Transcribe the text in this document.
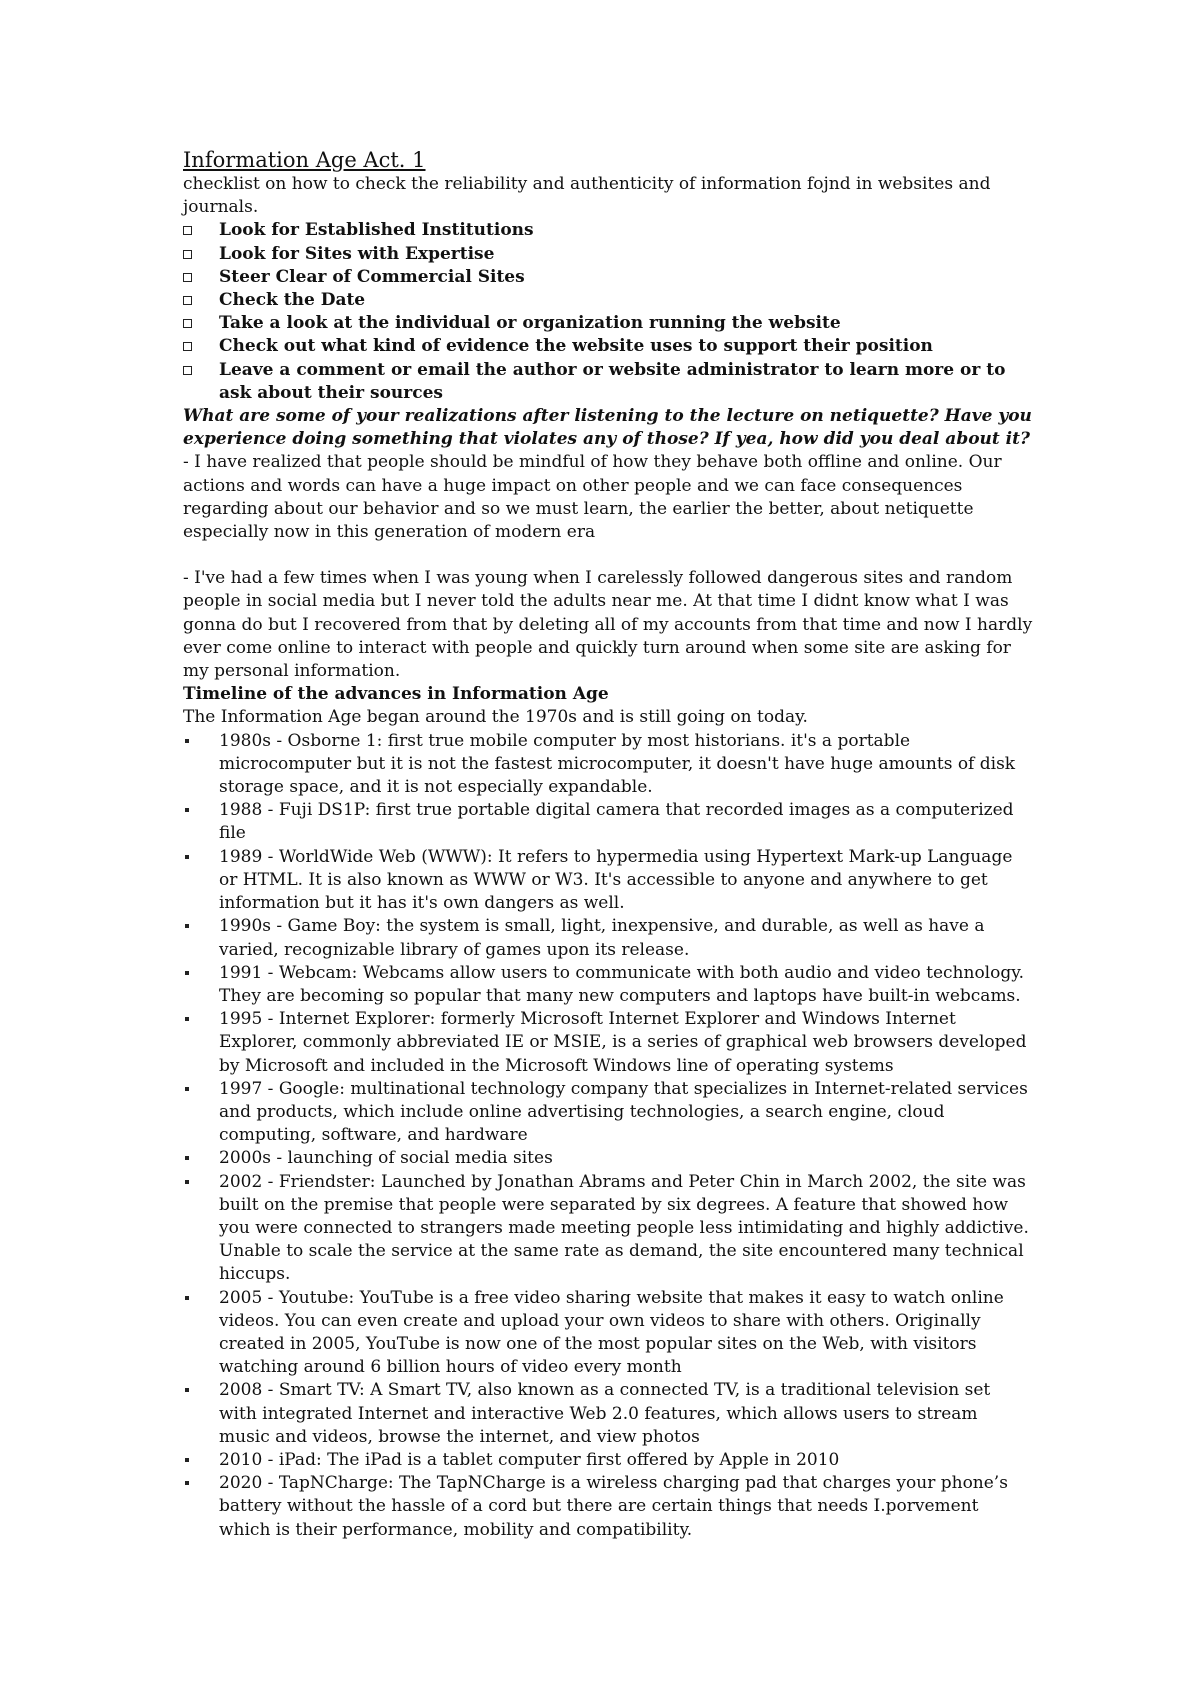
Information Age Act. 1

checklist on how to check the reliability and authenticity of information fojnd in websites and journals.

Look for Established Institutions
Look for Sites with Expertise
Steer Clear of Commercial Sites
Check the Date
Take a look at the individual or organization running the website
Check out what kind of evidence the website uses to support their position
Leave a comment or email the author or website administrator to learn more or to ask about their sources

What are some of your realizations after listening to the lecture on netiquette? Have you experience doing something that violates any of those? If yea, how did you deal about it?

- I have realized that people should be mindful of how they behave both offline and online. Our actions and words can have a huge impact on other people and we can face consequences regarding about our behavior and so we must learn, the earlier the better, about netiquette especially now in this generation of modern era

- I've had a few times when I was young when I carelessly followed dangerous sites and random people in social media but I never told the adults near me. At that time I didnt know what I was gonna do but I recovered from that by deleting all of my accounts from that time and now I hardly ever come online to interact with people and quickly turn around when some site are asking for my personal information.

Timeline of the advances in Information Age

The Information Age began around the 1970s and is still going on today.

1980s - Osborne 1: first true mobile computer by most historians. it's a portable microcomputer but it is not the fastest microcomputer, it doesn't have huge amounts of disk storage space, and it is not especially expandable.
1988 - Fuji DS1P: first true portable digital camera that recorded images as a computerized file
1989 - WorldWide Web (WWW): It refers to hypermedia using Hypertext Mark-up Language or HTML. It is also known as WWW or W3. It's accessible to anyone and anywhere to get information but it has it's own dangers as well.
1990s - Game Boy: the system is small, light, inexpensive, and durable, as well as have a varied, recognizable library of games upon its release.
1991 - Webcam: Webcams allow users to communicate with both audio and video technology. They are becoming so popular that many new computers and laptops have built-in webcams.
1995 - Internet Explorer: formerly Microsoft Internet Explorer and Windows Internet Explorer, commonly abbreviated IE or MSIE, is a series of graphical web browsers developed by Microsoft and included in the Microsoft Windows line of operating systems
1997 - Google: multinational technology company that specializes in Internet-related services and products, which include online advertising technologies, a search engine, cloud computing, software, and hardware
2000s - launching of social media sites
2002 - Friendster: Launched by Jonathan Abrams and Peter Chin in March 2002, the site was built on the premise that people were separated by six degrees. A feature that showed how you were connected to strangers made meeting people less intimidating and highly addictive. Unable to scale the service at the same rate as demand, the site encountered many technical hiccups.
2005 - Youtube: YouTube is a free video sharing website that makes it easy to watch online videos. You can even create and upload your own videos to share with others. Originally created in 2005, YouTube is now one of the most popular sites on the Web, with visitors watching around 6 billion hours of video every month
2008 - Smart TV: A Smart TV, also known as a connected TV, is a traditional television set with integrated Internet and interactive Web 2.0 features, which allows users to stream music and videos, browse the internet, and view photos
2010 - iPad: The iPad is a tablet computer first offered by Apple in 2010
2020 - TapNCharge: The TapNCharge is a wireless charging pad that charges your phone’s battery without the hassle of a cord but there are certain things that needs I.porvement which is their performance, mobility and compatibility.
